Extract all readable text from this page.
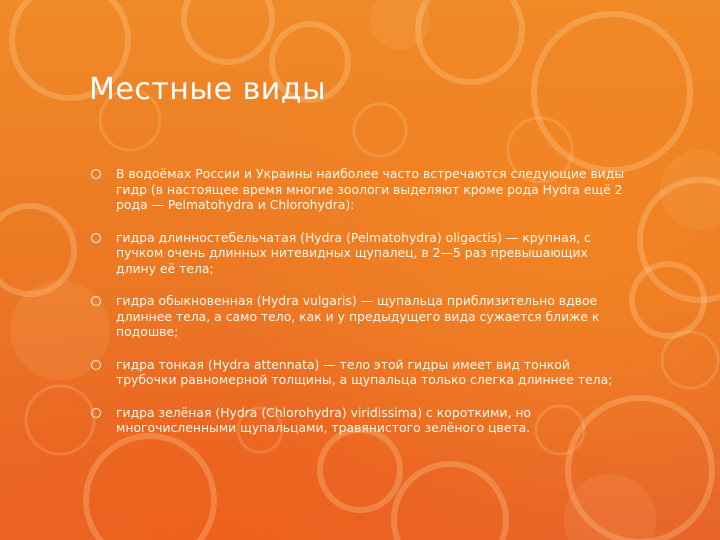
Местные виды
В водоёмах России и Украины наиболее часто встречаются следующие виды гидр (в настоящее время многие зоологи выделяют кроме рода Hydra ещё 2 рода — Pelmatohydra и Chlorohydra):
гидра длинностебельчатая (Hydra (Pelmatohydra) oligactis) — крупная, с пучком очень длинных нитевидных щупалец, в 2—5 раз превышающих длину её тела;
гидра обыкновенная (Hydra vulgaris) — щупальца приблизительно вдвое длиннее тела, а само тело, как и у предыдущего вида сужается ближе к подошве;
гидра тонкая (Hydra attennata) — тело этой гидры имеет вид тонкой трубочки равномерной толщины, а щупальца только слегка длиннее тела;
гидра зелёная (Hydra (Chlorohydra) viridissima) с короткими, но многочисленными щупальцами, травянистого зелёного цвета.
